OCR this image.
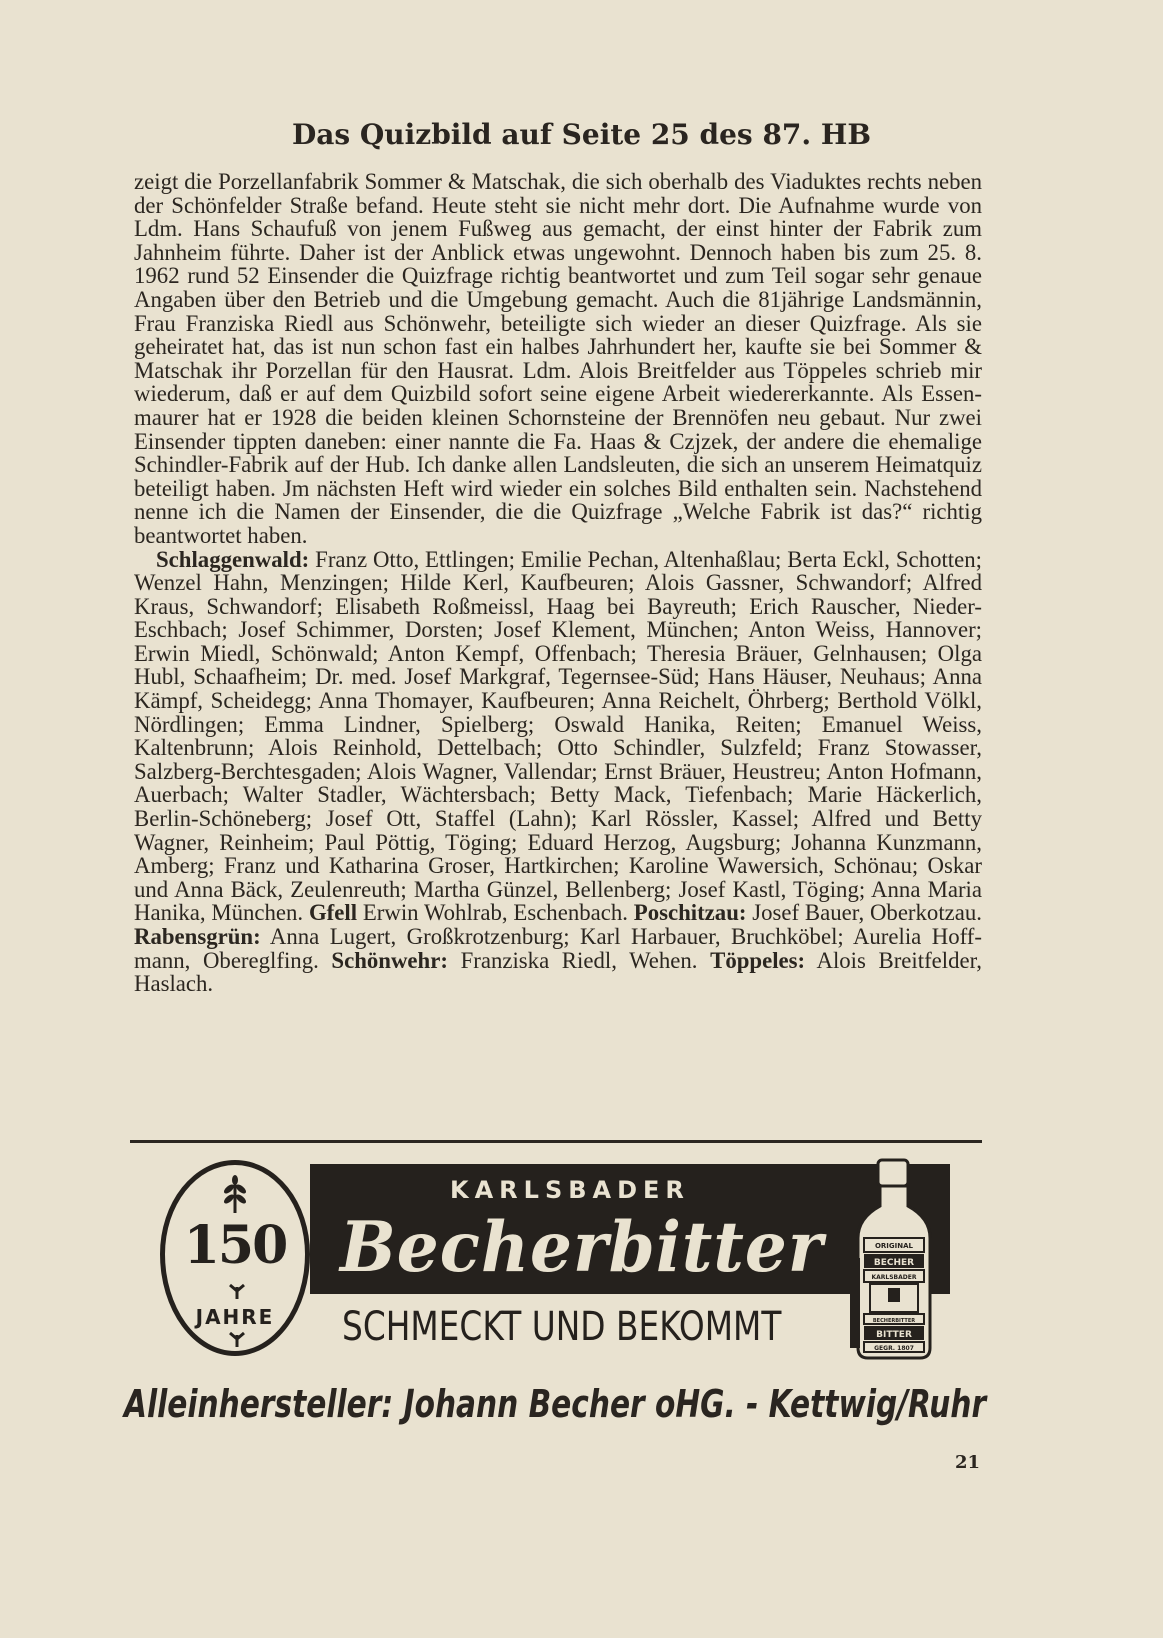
Das Quizbild auf Seite 25 des 87. HB

zeigt die Porzellanfabrik Sommer & Matschak, die sich oberhalb des Viaduktes rechts neben der Schönfelder Straße befand. Heute steht sie nicht mehr dort. Die Aufnahme wurde von Ldm. Hans Schaufuß von jenem Fußweg aus gemacht, der einst hinter der Fabrik zum Jahnheim führte. Daher ist der Anblick etwas ungewohnt. Dennoch haben bis zum 25. 8. 1962 rund 52 Einsender die Quizfrage richtig beantwortet und zum Teil sogar sehr genaue Angaben über den Betrieb und die Umgebung gemacht. Auch die 81jährige Landsmännin, Frau Franziska Riedl aus Schönwehr, beteiligte sich wieder an dieser Quizfrage. Als sie geheiratet hat, das ist nun schon fast ein halbes Jahrhundert her, kaufte sie bei Sommer & Matschak ihr Porzellan für den Hausrat. Ldm. Alois Breitfelder aus Töppeles schrieb mir wiederum, daß er auf dem Quizbild sofort seine eigene Arbeit wiedererkannte. Als Essenmaurer hat er 1928 die beiden kleinen Schornsteine der Brennöfen neu gebaut. Nur zwei Einsender tippten daneben: einer nannte die Fa. Haas & Czjzek, der andere die ehemalige Schindler-Fabrik auf der Hub. Ich danke allen Landsleuten, die sich an unserem Heimatquiz beteiligt haben. Jm nächsten Heft wird wieder ein solches Bild enthalten sein. Nachstehend nenne ich die Namen der Einsender, die die Quizfrage „Welche Fabrik ist das?“ richtig beantwortet haben.

Schlaggenwald: Franz Otto, Ettlingen; Emilie Pechan, Altenhaßlau; Berta Eckl, Schotten; Wenzel Hahn, Menzingen; Hilde Kerl, Kaufbeuren; Alois Gassner, Schwandorf; Alfred Kraus, Schwandorf; Elisabeth Roßmeissl, Haag bei Bayreuth; Erich Rauscher, Nieder-Eschbach; Josef Schimmer, Dorsten; Josef Klement, München; Anton Weiss, Hannover; Erwin Miedl, Schönwald; Anton Kempf, Offenbach; Theresia Bräuer, Gelnhausen; Olga Hubl, Schaafheim; Dr. med. Josef Markgraf, Tegernsee-Süd; Hans Häuser, Neuhaus; Anna Kämpf, Scheidegg; Anna Thomayer, Kaufbeuren; Anna Reichelt, Öhrberg; Berthold Völkl, Nördlingen; Emma Lindner, Spielberg; Oswald Hanika, Reiten; Emanuel Weiss, Kaltenbrunn; Alois Reinhold, Dettelbach; Otto Schindler, Sulzfeld; Franz Stowasser, Salzberg-Berchtesgaden; Alois Wagner, Vallendar; Ernst Bräuer, Heustreu; Anton Hofmann, Auerbach; Walter Stadler, Wächtersbach; Betty Mack, Tiefenbach; Marie Häckerlich, Berlin-Schöneberg; Josef Ott, Staffel (Lahn); Karl Rössler, Kassel; Alfred und Betty Wagner, Reinheim; Paul Pöttig, Töging; Eduard Herzog, Augsburg; Johanna Kunzmann, Amberg; Franz und Katharina Groser, Hartkirchen; Karoline Wawersich, Schönau; Oskar und Anna Bäck, Zeulenreuth; Martha Günzel, Bellenberg; Josef Kastl, Töging; Anna Maria Hanika, München. Gfell Erwin Wohlrab, Eschenbach. Poschitzau: Josef Bauer, Oberkotzau. Rabensgrün: Anna Lugert, Großkrotzenburg; Karl Harbauer, Bruchköbel; Aurelia Hoffmann, Obereglfing. Schönwehr: Franziska Riedl, Wehen. Töppeles: Alois Breitfelder, Haslach.

150
JAHRE
KARLSBADER
Becherbitter
SCHMECKT UND BEKOMMT
ORIGINAL
BECHER
KARLSBADER
BECHERBITTER
BITTER
GEGR. 1807
Alleinhersteller: Johann Becher oHG. - Kettwig/Ruhr
21
